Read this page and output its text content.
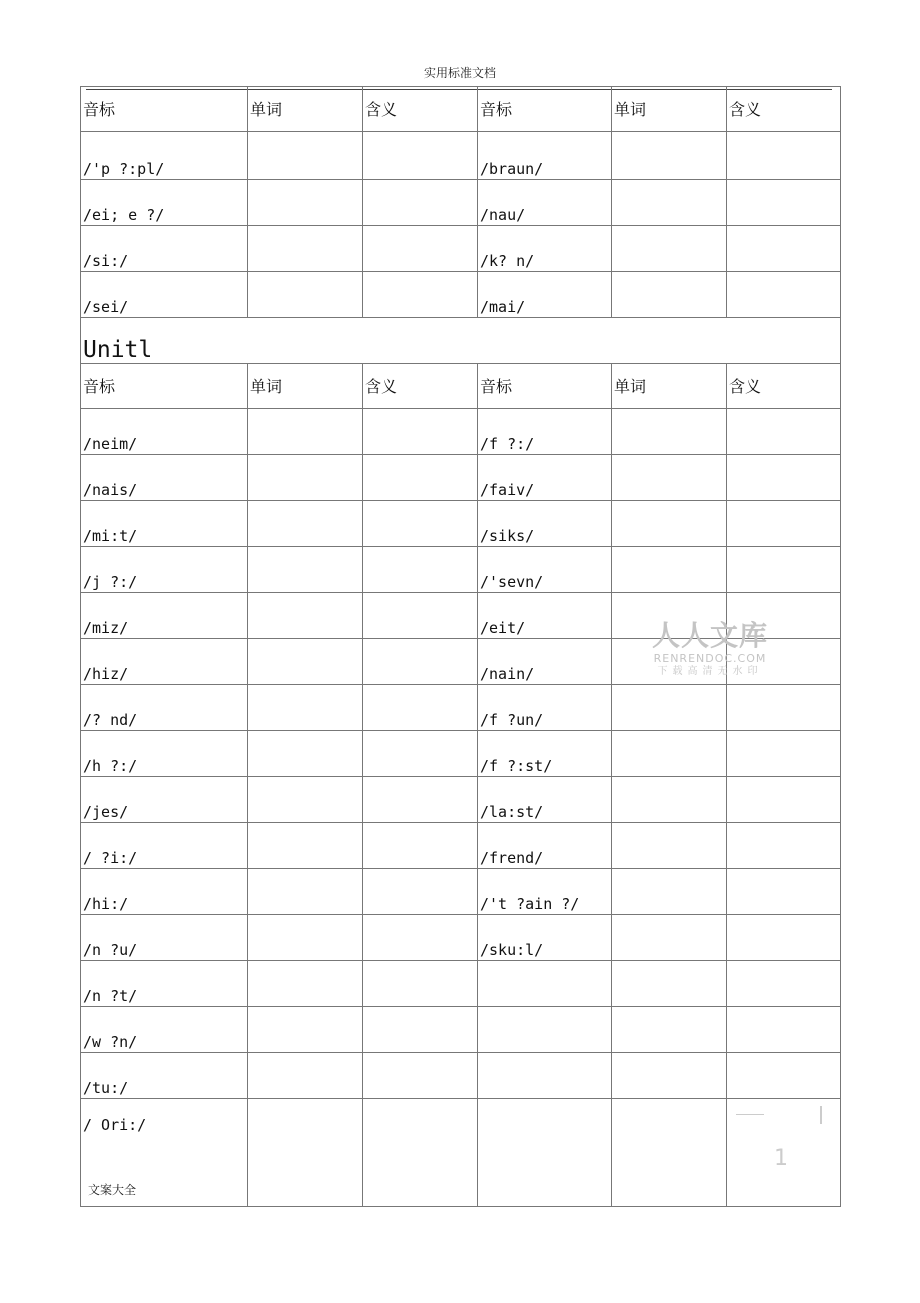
实用标准文档
音标	单词	含义	音标	单词	含义
/'p ?:pl/			/braun/		
/ei; e ?/			/nau/		
/si:/			/k? n/		
/sei/			/mai/		
Unitl					
音标	单词	含义	音标	单词	含义
/neim/			/f ?:/		
/nais/			/faiv/		
/mi:t/			/siks/		
/j ?:/			/'sevn/		
/miz/			/eit/		
/hiz/			/nain/		
/? nd/			/f ?un/		
/h ?:/			/f ?:st/		
/jes/			/la:st/		
/ ?i:/			/frend/		
/hi:/			/'t ?ain ?/		
/n ?u/			/sku:l/		
/n ?t/					
/w ?n/					
/tu:/					
/ Ori:/					
人人文库
RENRENDOC.COM
下载高清无水印
1
文案大全
